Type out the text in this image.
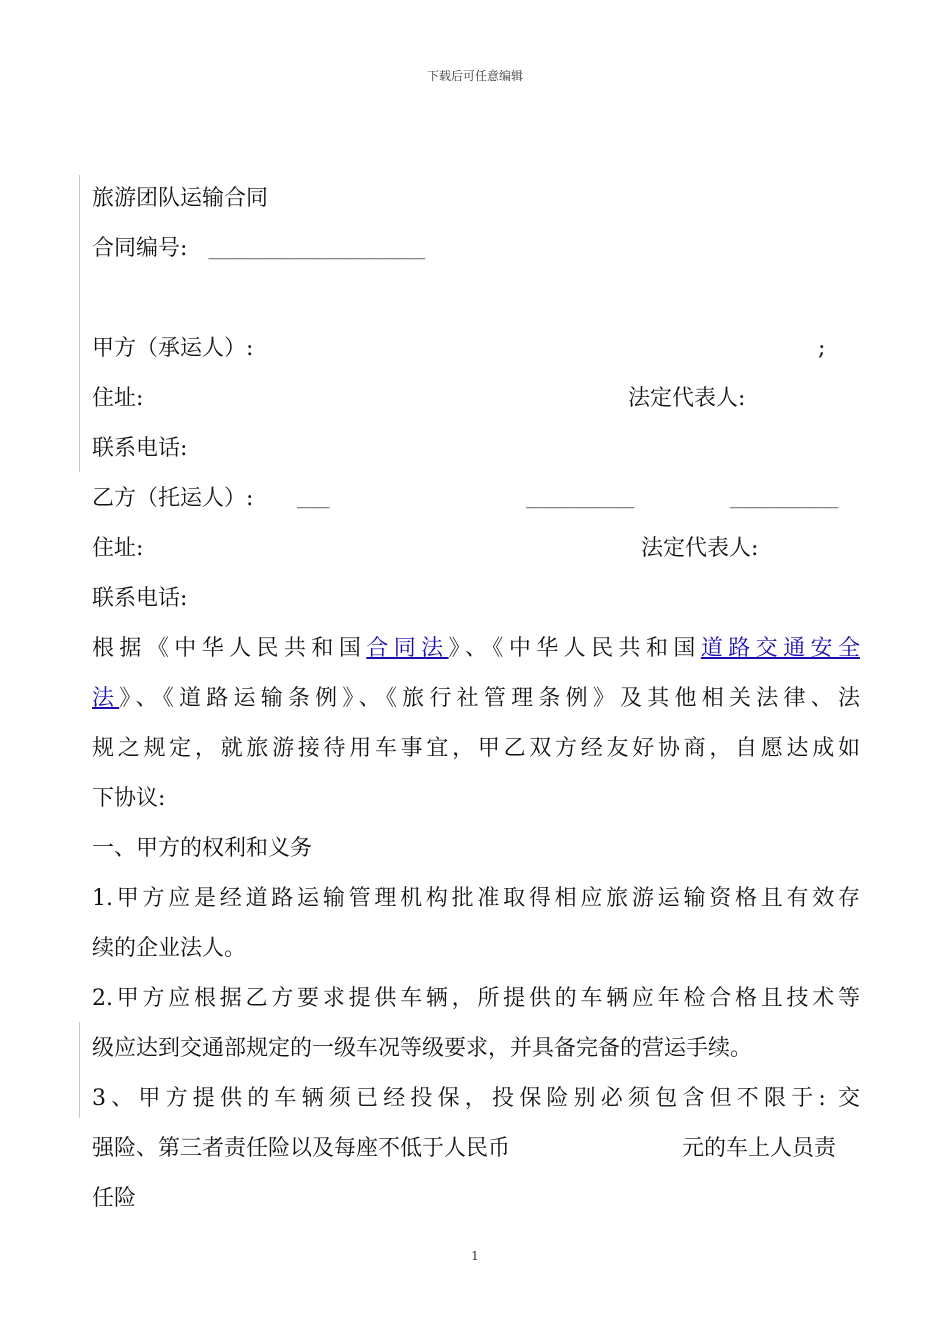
下载后可任意编辑
旅游团队运输合同
合同编号: ____________________
甲方（承运人）:	;
住址:	法定代表人:
联系电话:
乙方（托运人）: ___	__________	__________
住址:	法定代表人:
联系电话:
根据《中华人民共和国合同法》、《中华人民共和国道路交通安全
法》、《道路运输条例》、《旅行社管理条例》及其他相关法律、法
规之规定，就旅游接待用车事宜，甲乙双方经友好协商，自愿达成如
下协议:
一、甲方的权利和义务
1.甲方应是经道路运输管理机构批准取得相应旅游运输资格且有效存
续的企业法人。
2.甲方应根据乙方要求提供车辆，所提供的车辆应年检合格且技术等
级应达到交通部规定的一级车况等级要求，并具备完备的营运手续。
3、甲方提供的车辆须已经投保，投保险别必须包含但不限于: 交
强险、第三者责任险以及每座不低于人民币	元的车上人员责
任险
1
